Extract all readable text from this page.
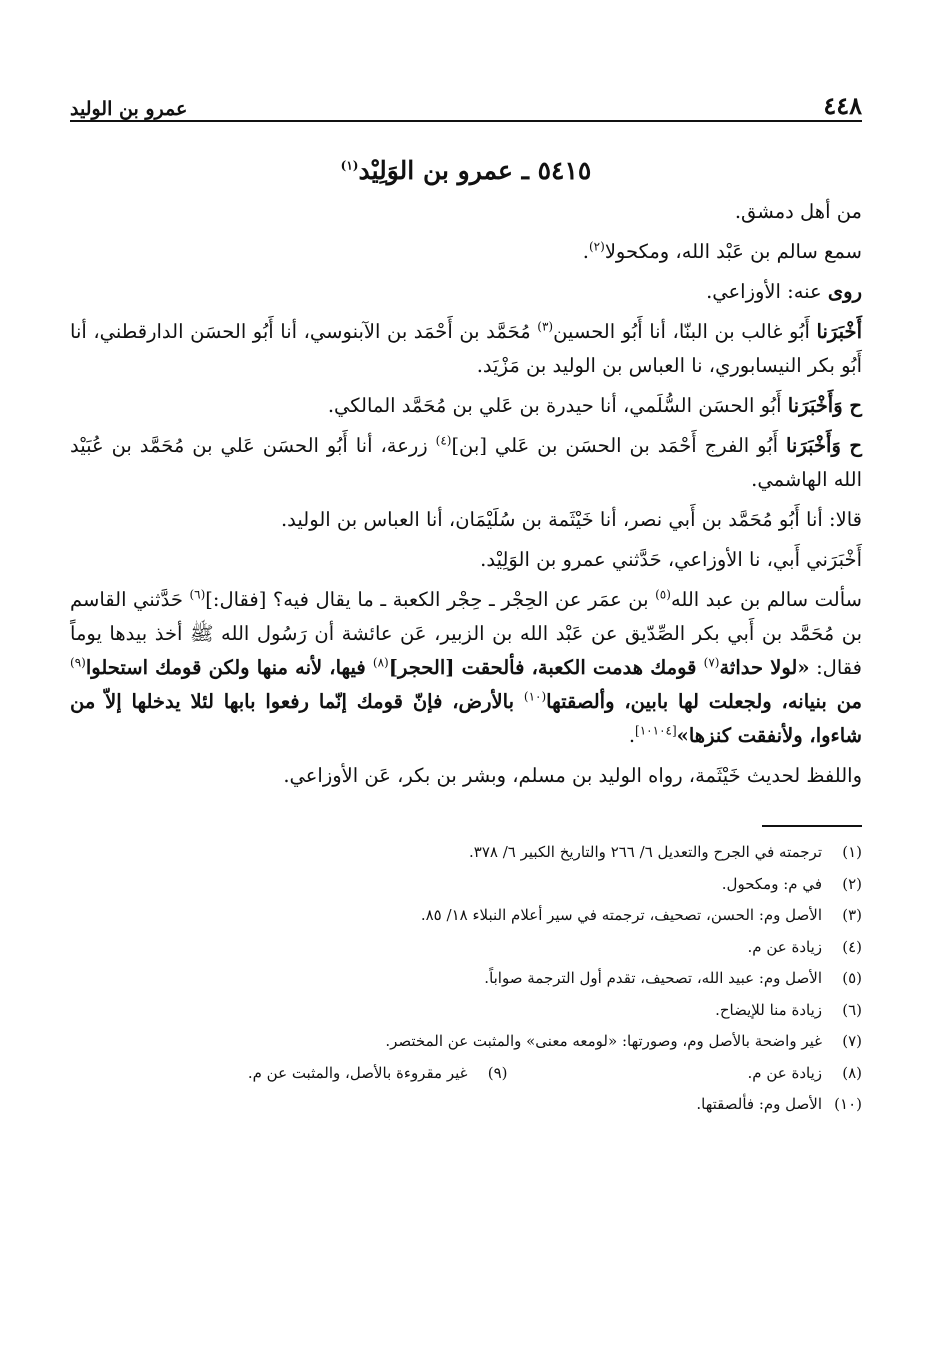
٤٤٨
عمرو بن الوليد
٥٤١٥ ـ عمرو بن الوَلِيْد$^{(١)}$

من أهل دمشق.

سمع سالم بن عَبْد الله، ومكحولا$^{(٢)}$.

روى عنه: الأوزاعي.

أَخْبَرَنا أَبُو غالب بن البنّا، أنا أَبُو الحسين$^{(٣)}$ مُحَمَّد بن أَحْمَد بن الآبنوسي، أنا أَبُو الحسَن الدارقطني، أنا أَبُو بكر النيسابوري، نا العباس بن الوليد بن مَزْيَد.

ح وَأَخْبَرَنا أَبُو الحسَن السُّلَمي، أنا حيدرة بن عَلي بن مُحَمَّد المالكي.

ح وَأَخْبَرَنا أَبُو الفرج أَحْمَد بن الحسَن بن عَلي [بن]$^{(٤)}$ زرعة، أنا أَبُو الحسَن عَلي بن مُحَمَّد بن عُبَيْد الله الهاشمي.

قالا: أنا أَبُو مُحَمَّد بن أَبي نصر، أنا خَيْثَمة بن سُلَيْمَان، أنا العباس بن الوليد.

أَخْبَرَني أَبي، نا الأوزاعي، حَدَّثني عمرو بن الوَلِيْد.

سألت سالم بن عبد الله$^{(٥)}$ بن عمَر عن الحِجْر ـ حِجْر الكعبة ـ ما يقال فيه؟ [فقال:]$^{(٦)}$ حَدَّثني القاسم بن مُحَمَّد بن أَبي بكر الصِّدّيق عن عَبْد الله بن الزبير، عَن عائشة أن رَسُول الله ﷺ أخذ بيدها يوماً فقال: «لولا حداثة$^{(٧)}$ قومك هدمت الكعبة، فألحقت [الحجر]$^{(٨)}$ فيها، لأنه منها ولكن قومك استحلوا$^{(٩)}$ من بنيانه، ولجعلت لها بابين، وألصقتها$^{(١٠)}$ بالأرض، فإنّ قومك إنّما رفعوا بابها لئلا يدخلها إلاّ من شاءوا، ولأنفقت كنزها»[١٠١٠٤].

واللفظ لحديث خَيْثَمة، رواه الوليد بن مسلم، وبشر بن بكر، عَن الأوزاعي.

(١)
ترجمته في الجرح والتعديل ٦/ ٢٦٦ والتاريخ الكبير ٦/ ٣٧٨.
(٢)
في م: ومكحول.
(٣)
الأصل وم: الحسن، تصحيف، ترجمته في سير أعلام النبلاء ١٨/ ٨٥.
(٤)
زيادة عن م.
(٥)
الأصل وم: عبيد الله، تصحيف، تقدم أول الترجمة صواباً.
(٦)
زيادة منا للإيضاح.
(٧)
غير واضحة بالأصل وم، وصورتها: «لومعه معنى» والمثبت عن المختصر.
(٨)
زيادة عن م.
(٩)
غير مقروءة بالأصل، والمثبت عن م.
(١٠)
الأصل وم: فألصقتها.
